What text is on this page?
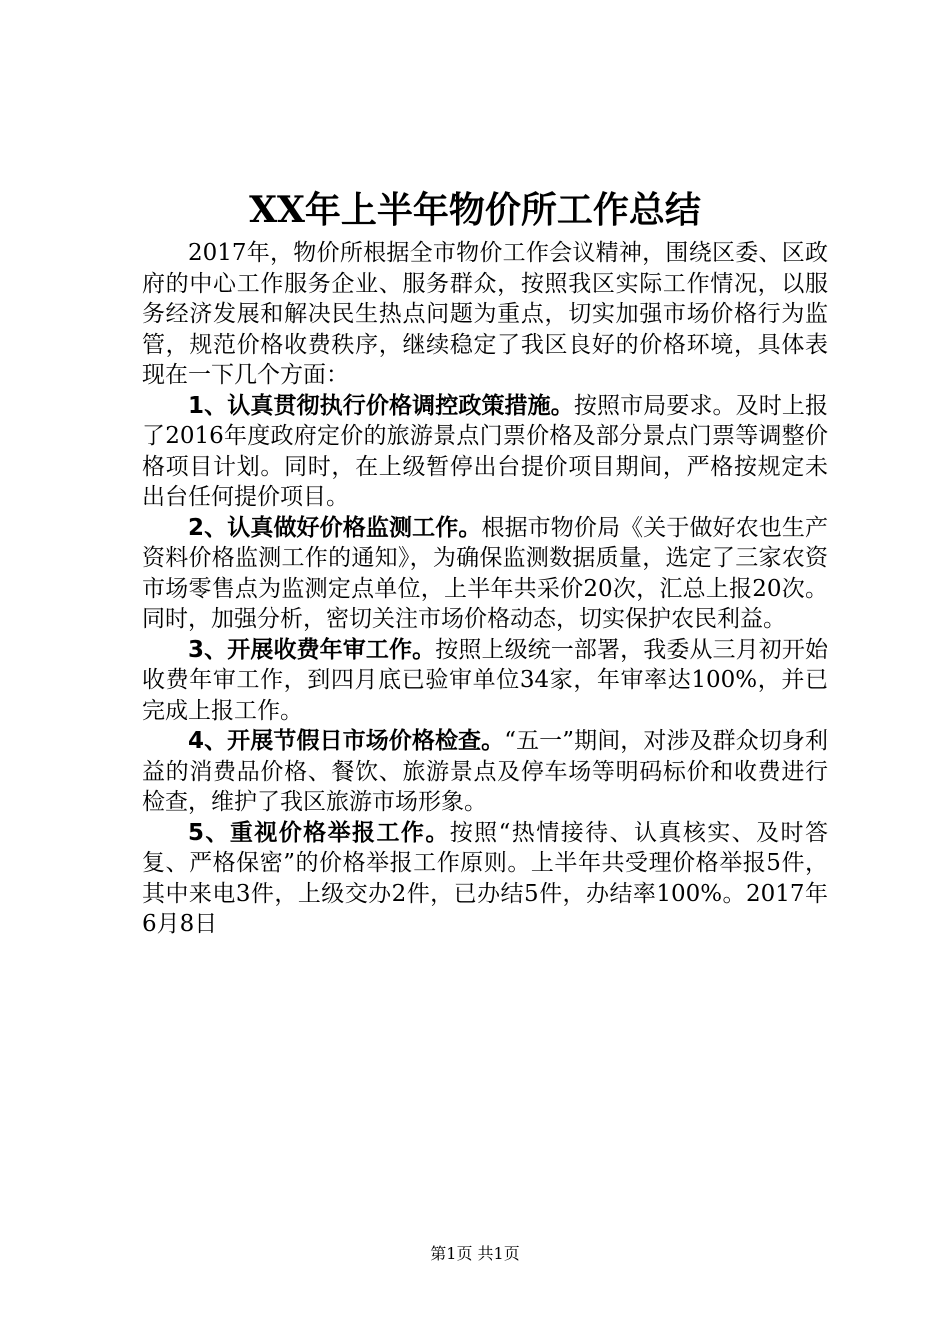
XX年上半年物价所工作总结

2017年，物价所根据全市物价工作会议精神，围绕区委、区政府的中心工作服务企业、服务群众，按照我区实际工作情况，以服务经济发展和解决民生热点问题为重点，切实加强市场价格行为监管，规范价格收费秩序，继续稳定了我区良好的价格环境，具体表现在一下几个方面：

1、认真贯彻执行价格调控政策措施。按照市局要求。及时上报了2016年度政府定价的旅游景点门票价格及部分景点门票等调整价格项目计划。同时，在上级暂停出台提价项目期间，严格按规定未出台任何提价项目。

2、认真做好价格监测工作。根据市物价局《关于做好农也生产资料价格监测工作的通知》，为确保监测数据质量，选定了三家农资市场零售点为监测定点单位，上半年共采价20次，汇总上报20次。同时，加强分析，密切关注市场价格动态，切实保护农民利益。

3、开展收费年审工作。按照上级统一部署，我委从三月初开始收费年审工作，到四月底已验审单位34家，年审率达100%，并已完成上报工作。

4、开展节假日市场价格检查。“五一”期间，对涉及群众切身利益的消费品价格、餐饮、旅游景点及停车场等明码标价和收费进行检查，维护了我区旅游市场形象。

5、重视价格举报工作。按照“热情接待、认真核实、及时答复、严格保密”的价格举报工作原则。上半年共受理价格举报5件，其中来电3件，上级交办2件，已办结5件，办结率100%。2017年6月8日

第1页 共1页
